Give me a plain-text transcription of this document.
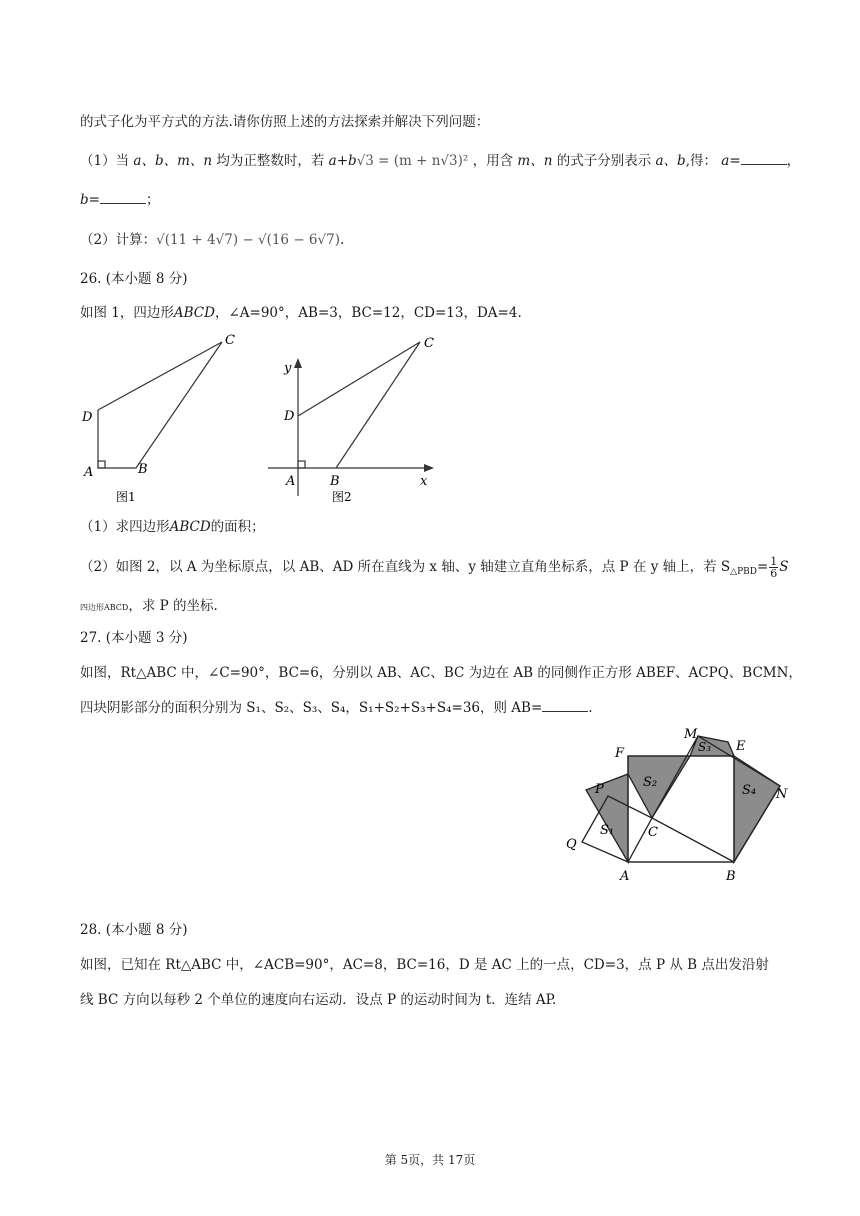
的式子化为平方式的方法.请你仿照上述的方法探索并解决下列问题：
（1）当 a、b、m、n 均为正整数时，若 a+b√3 = (m + n√3)² ，用含 m、n 的式子分别表示 a、b,得： a=	，
b=	；
（2）计算：√(11 + 4√7) − √(16 − 6√7).
26. (本小题 8 分)
如图 1，四边形ABCD，∠A=90°，AB=3，BC=12，CD=13，DA=4.
C
D
A	B
图1
y
C
D
A	B	x
图2
（1）求四边形ABCD的面积；
（2）如图 2，以 A 为坐标原点，以 AB、AD 所在直线为 x 轴、y 轴建立直角坐标系，点 P 在 y 轴上，若 $S_{\triangle PBD}= \frac{1}{6}$ S
四边形ABCD，求 P 的坐标.
27. (本小题 3 分)
如图，Rt△ABC 中，∠C=90°，BC=6，分别以 AB、AC、BC 为边在 AB 的同侧作正方形 ABEF、ACPQ、BCMN，
四块阴影部分的面积分别为 S₁、S₂、S₃、S₄，S₁+S₂+S₃+S₄=36，则 AB=	.
F
M
E
P	N
Q
C
A	B
S₁
S₂
S₃
S₄
28. (本小题 8 分)
如图，已知在 Rt△ABC 中，∠ACB=90°，AC=8，BC=16，D 是 AC 上的一点，CD=3，点 P 从 B 点出发沿射
线 BC 方向以每秒 2 个单位的速度向右运动．设点 P 的运动时间为 t．连结 AP.
第 5页，共 17页
